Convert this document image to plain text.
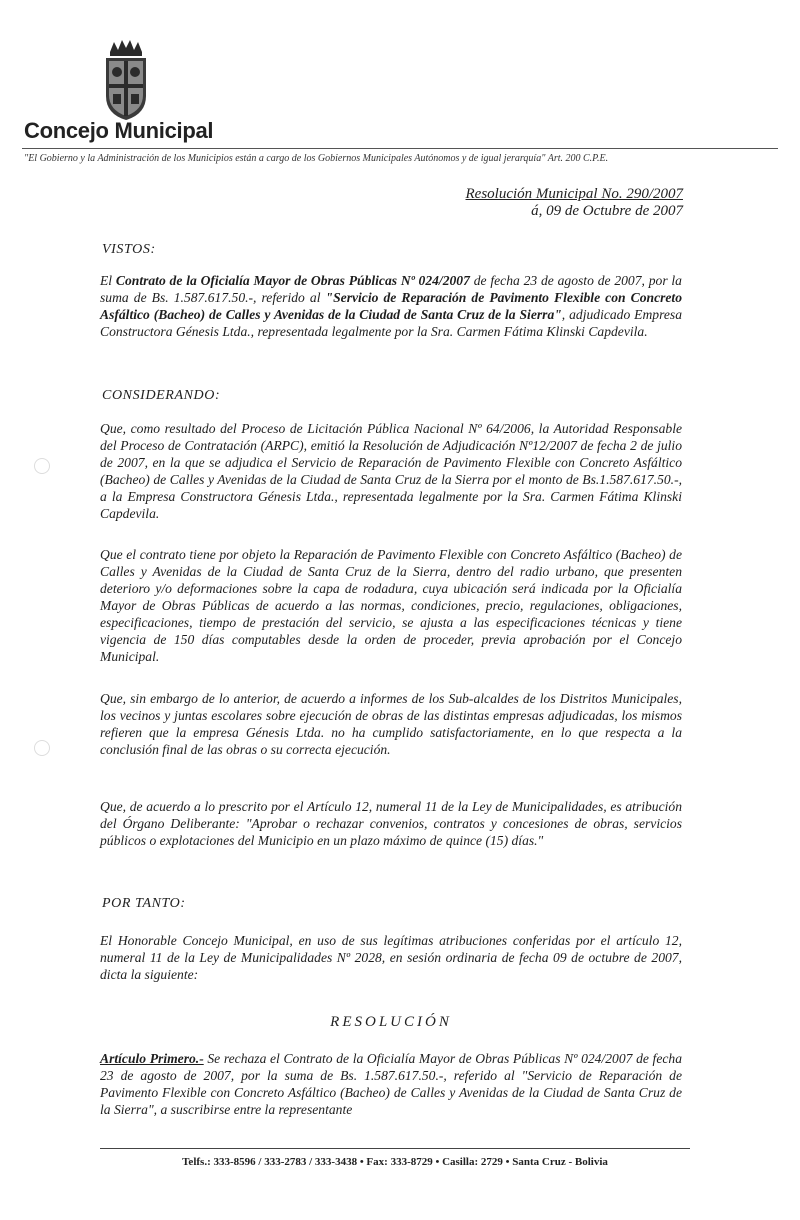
Concejo Municipal
"El Gobierno y la Administración de los Municipios están a cargo de los Gobiernos Municipales Autónomos y de igual jerarquía" Art. 200 C.P.E.
Resolución Municipal No. 290/2007
á, 09 de Octubre de 2007
VISTOS:
El Contrato de la Oficialía Mayor de Obras Públicas Nº 024/2007 de fecha 23 de agosto de 2007, por la suma de Bs. 1.587.617.50.-, referido al "Servicio de Reparación de Pavimento Flexible con Concreto Asfáltico (Bacheo) de Calles y Avenidas de la Ciudad de Santa Cruz de la Sierra", adjudicado Empresa Constructora Génesis Ltda., representada legalmente por la Sra. Carmen Fátima Klinski Capdevila.
CONSIDERANDO:
Que, como resultado del Proceso de Licitación Pública Nacional Nº 64/2006, la Autoridad Responsable del Proceso de Contratación (ARPC), emitió la Resolución de Adjudicación Nº12/2007 de fecha 2 de julio de 2007, en la que se adjudica el Servicio de Reparación de Pavimento Flexible con Concreto Asfáltico (Bacheo) de Calles y Avenidas de la Ciudad de Santa Cruz de la Sierra por el monto de Bs.1.587.617.50.-, a la Empresa Constructora Génesis Ltda., representada legalmente por la Sra. Carmen Fátima Klinski Capdevila.
Que el contrato tiene por objeto la Reparación de Pavimento Flexible con Concreto Asfáltico (Bacheo) de Calles y Avenidas de la Ciudad de Santa Cruz de la Sierra, dentro del radio urbano, que presenten deterioro y/o deformaciones sobre la capa de rodadura, cuya ubicación será indicada por la Oficialía Mayor de Obras Públicas de acuerdo a las normas, condiciones, precio, regulaciones, obligaciones, especificaciones, tiempo de prestación del servicio, se ajusta a las especificaciones técnicas y tiene vigencia de 150 días computables desde la orden de proceder, previa aprobación por el Concejo Municipal.
Que, sin embargo de lo anterior, de acuerdo a informes de los Sub-alcaldes de los Distritos Municipales, los vecinos y juntas escolares sobre ejecución de obras de las distintas empresas adjudicadas, los mismos refieren que la empresa Génesis Ltda. no ha cumplido satisfactoriamente, en lo que respecta a la conclusión final de las obras o su correcta ejecución.
Que, de acuerdo a lo prescrito por el Artículo 12, numeral 11 de la Ley de Municipalidades, es atribución del Órgano Deliberante: "Aprobar o rechazar convenios, contratos y concesiones de obras, servicios públicos o explotaciones del Municipio en un plazo máximo de quince (15) días."
POR TANTO:
El Honorable Concejo Municipal, en uso de sus legítimas atribuciones conferidas por el artículo 12, numeral 11 de la Ley de Municipalidades Nº 2028, en sesión ordinaria de fecha 09 de octubre de 2007, dicta la siguiente:
RESOLUCIÓN
Artículo Primero.- Se rechaza el Contrato de la Oficialía Mayor de Obras Públicas Nº 024/2007 de fecha 23 de agosto de 2007, por la suma de Bs. 1.587.617.50.-, referido al "Servicio de Reparación de Pavimento Flexible con Concreto Asfáltico (Bacheo) de Calles y Avenidas de la Ciudad de Santa Cruz de la Sierra", a suscribirse entre la representante
Telfs.: 333-8596 / 333-2783 / 333-3438 • Fax: 333-8729 • Casilla: 2729 • Santa Cruz - Bolivia
